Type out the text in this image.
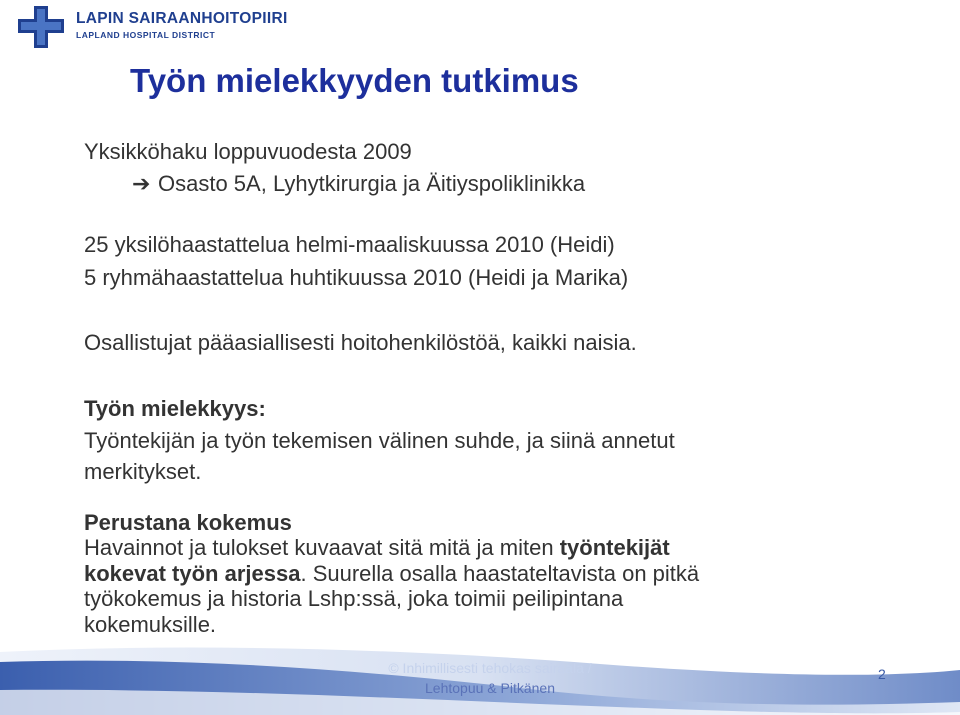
LAPIN SAIRAANHOITOPIIRI
LAPLAND HOSPITAL DISTRICT
Työn mielekkyyden tutkimus
Yksikköhaku loppuvuodesta 2009
➔ Osasto 5A, Lyhytkirurgia ja Äitiyspoliklinikka
25 yksilöhaastattelua helmi-maaliskuussa 2010 (Heidi)
5 ryhmähaastattelua huhtikuussa 2010 (Heidi ja Marika)
Osallistujat pääasiallisesti hoitohenkilöstöä, kaikki naisia.
Työn mielekkyys:
Työntekijän ja työn tekemisen välinen suhde, ja siinä annetut
merkitykset.
Perustana kokemus
Havainnot ja tulokset kuvaavat sitä mitä ja miten työntekijät
kokevat työn arjessa. Suurella osalla haastateltavista on pitkä
työkokemus ja historia Lshp:ssä, joka toimii peilipintana
kokemuksille.
© Inhimillisesti tehokas sairaala /
Lehtopuu & Pitkänen
2
